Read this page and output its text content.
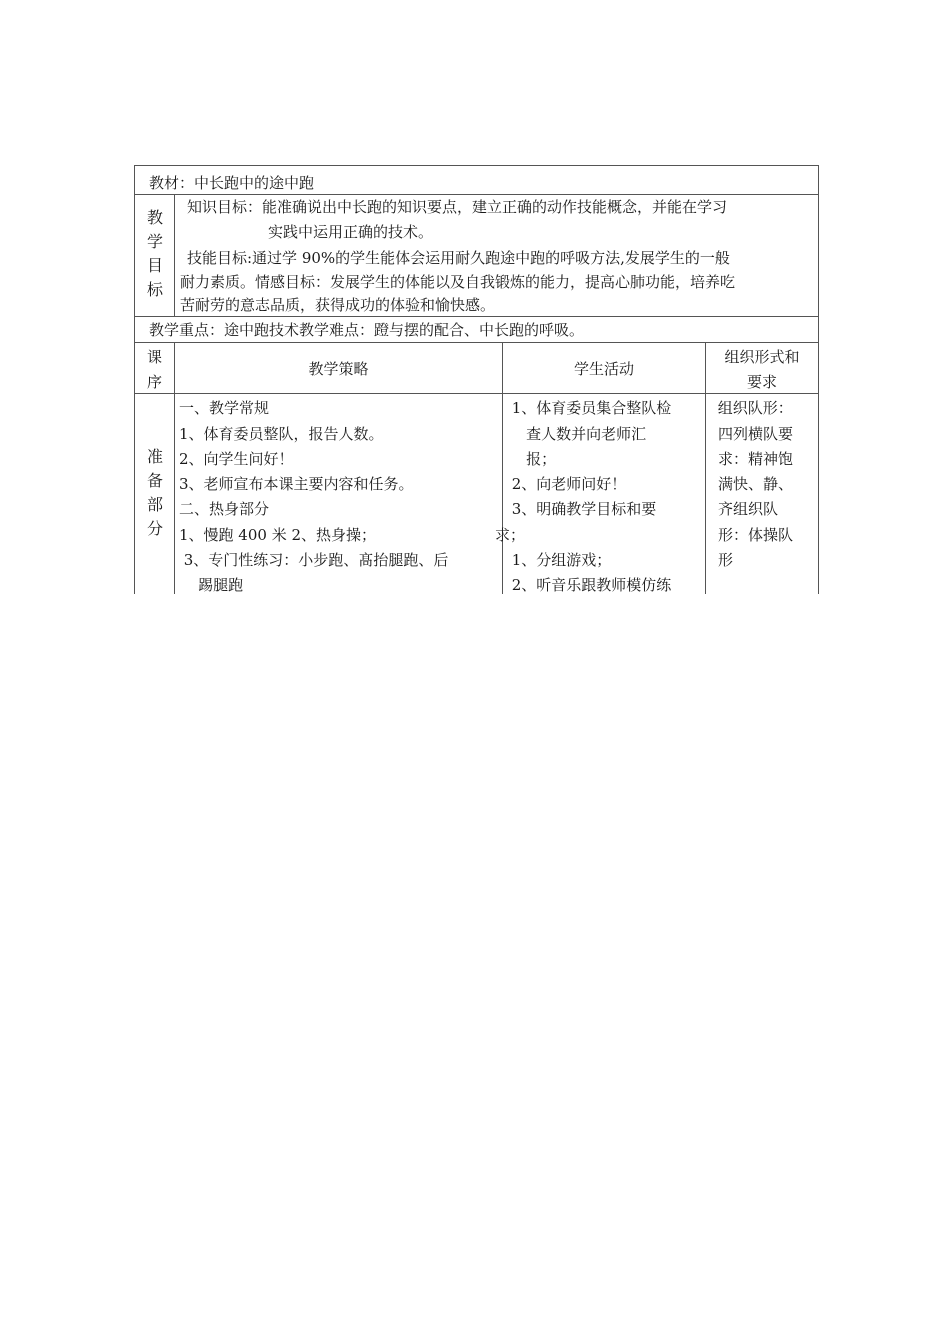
教材：中长跑中的途中跑
教学目标
知识目标：能准确说出中长跑的知识要点，建立正确的动作技能概念，并能在学习
实践中运用正确的技术。
技能目标:通过学 90%的学生能体会运用耐久跑途中跑的呼吸方法,发展学生的一般
耐力素质。情感目标：发展学生的体能以及自我锻炼的能力，提高心肺功能，培养吃
苦耐劳的意志品质，获得成功的体验和愉快感。
教学重点：途中跑技术教学难点：蹬与摆的配合、中长跑的呼吸。
课
序
教学策略	学生活动
组织形式和
要求
准备部分
一、教学常规
1、体育委员整队，报告人数。
2、向学生问好！
3、老师宣布本课主要内容和任务。
二、热身部分
1、慢跑 400 米 2、热身操；
3、专门性练习：小步跑、髙抬腿跑、后
踢腿跑
1、体育委员集合整队检
查人数并向老师汇
报；
2、向老师问好！
3、明确教学目标和要
求；
1、分组游戏；
2、听音乐跟教师模仿练
组织队形：
四列横队要
求：精神饱
满快、静、
齐组织队
形：体操队
形
